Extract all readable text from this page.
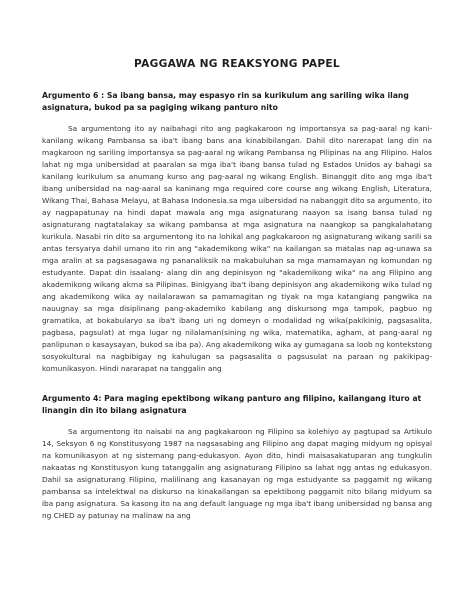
PAGGAWA NG REAKSYONG PAPEL
Argumento 6 : Sa ibang bansa, may espasyo rin sa kurikulum ang sariling wika ilang asignatura, bukod pa sa pagiging wikang panturo nito

Sa argumentong ito ay naibahagi rito ang pagkakaroon ng importansya sa pag-aaral ng kani-kanilang wikang Pambansa sa iba't ibang bans ana kinabibilangan. Dahil dito narerapat lang din na magkaroon ng sariling importansya sa pag-aaral ng wikang Pambansa ng Pilipinas na ang Filipino. Halos lahat ng mga unibersidad at paaralan sa mga iba't ibang bansa tulad ng Estados Unidos ay bahagi sa kanilang kurikulum sa anumang kurso ang pag-aaral ng wikang English. Binanggit dito ang mga iba't ibang unibersidad na nag-aaral sa kaninang mga required core course ang wikang English, Literatura, Wikang Thai, Bahasa Melayu, at Bahasa Indonesia.sa mga uibersidad na nabanggit dito sa argumento, ito ay nagpapatunay na hindi dapat mawala ang mga asignaturang naayon sa isang bansa tulad ng asignaturang nagtatalakay sa wikang pambansa at mga asignatura na naangkop sa pangkalahatang kurikula. Nasabi rin dito sa argumentong ito na lohikal ang pagkakaroon ng asignaturang wikang sarili sa antas tersyarya dahil umano ito rin ang "akademikong wika" na kailangan sa matalas nap ag-unawa sa mga aralin at sa pagsasagawa ng pananaliksik na makabuluhan sa mga mamamayan ng komundan ng estudyante. Dapat din isaalang- alang din ang depinisyon ng "akademikong wika" na ang Filipino ang akademikong wikang akma sa Pilipinas. Binigyang iba't ibang depinisyon ang akademikong wika tulad ng ang akademikong wika ay nailalarawan sa pamamagitan ng tiyak na mga katangiang pangwika na nauugnay sa mga disiplinang pang-akademiko kabilang ang diskursong mga tampok, pagbuo ng gramatika, at bokabularyo sa iba't ibang uri ng domeyn o modalidad ng wika(pakikinig, pagsasalita, pagbasa, pagsulat) at mga lugar ng nilalaman(sining ng wika, matematika, agham, at pang-aaral ng panlipunan o kasaysayan, bukod sa iba pa). Ang akademikong wika ay gumagana sa loob ng kontekstong sosyokultural na nagbibigay ng kahulugan sa pagsasalita o pagsusulat na paraan ng pakikipag-komunikasyon. Hindi nararapat na tanggalin ang

Argumento 4: Para maging epektibong wikang panturo ang filipino, kailangang ituro at linangin din ito bilang asignatura

Sa argumentong ito naisabi na ang pagkakaroon ng Filipino sa kolehiyo ay pagtupad sa Artikulo 14, Seksyon 6 ng Konstitusyong 1987 na nagsasabing ang Filipino ang dapat maging midyum ng opisyal na komunikasyon at ng sistemang pang-edukasyon. Ayon dito, hindi maisasakatuparan ang tungkulin nakaatas ng Konstitusyon kung tatanggalin ang asignaturang Filipino sa lahat ngg antas ng edukasyon. Dahil sa asignaturang Filipino, malilinang ang kasanayan ng mga estudyante sa paggamit ng wikang pambansa sa intelektwal na diskurso na kinakailangan sa epektibong paggamit nito bilang midyum sa iba pang asignatura. Sa kasong ito na ang default language ng mga iba't ibang unibersidad ng bansa ang ng CHED ay patunay na malinaw na ang
